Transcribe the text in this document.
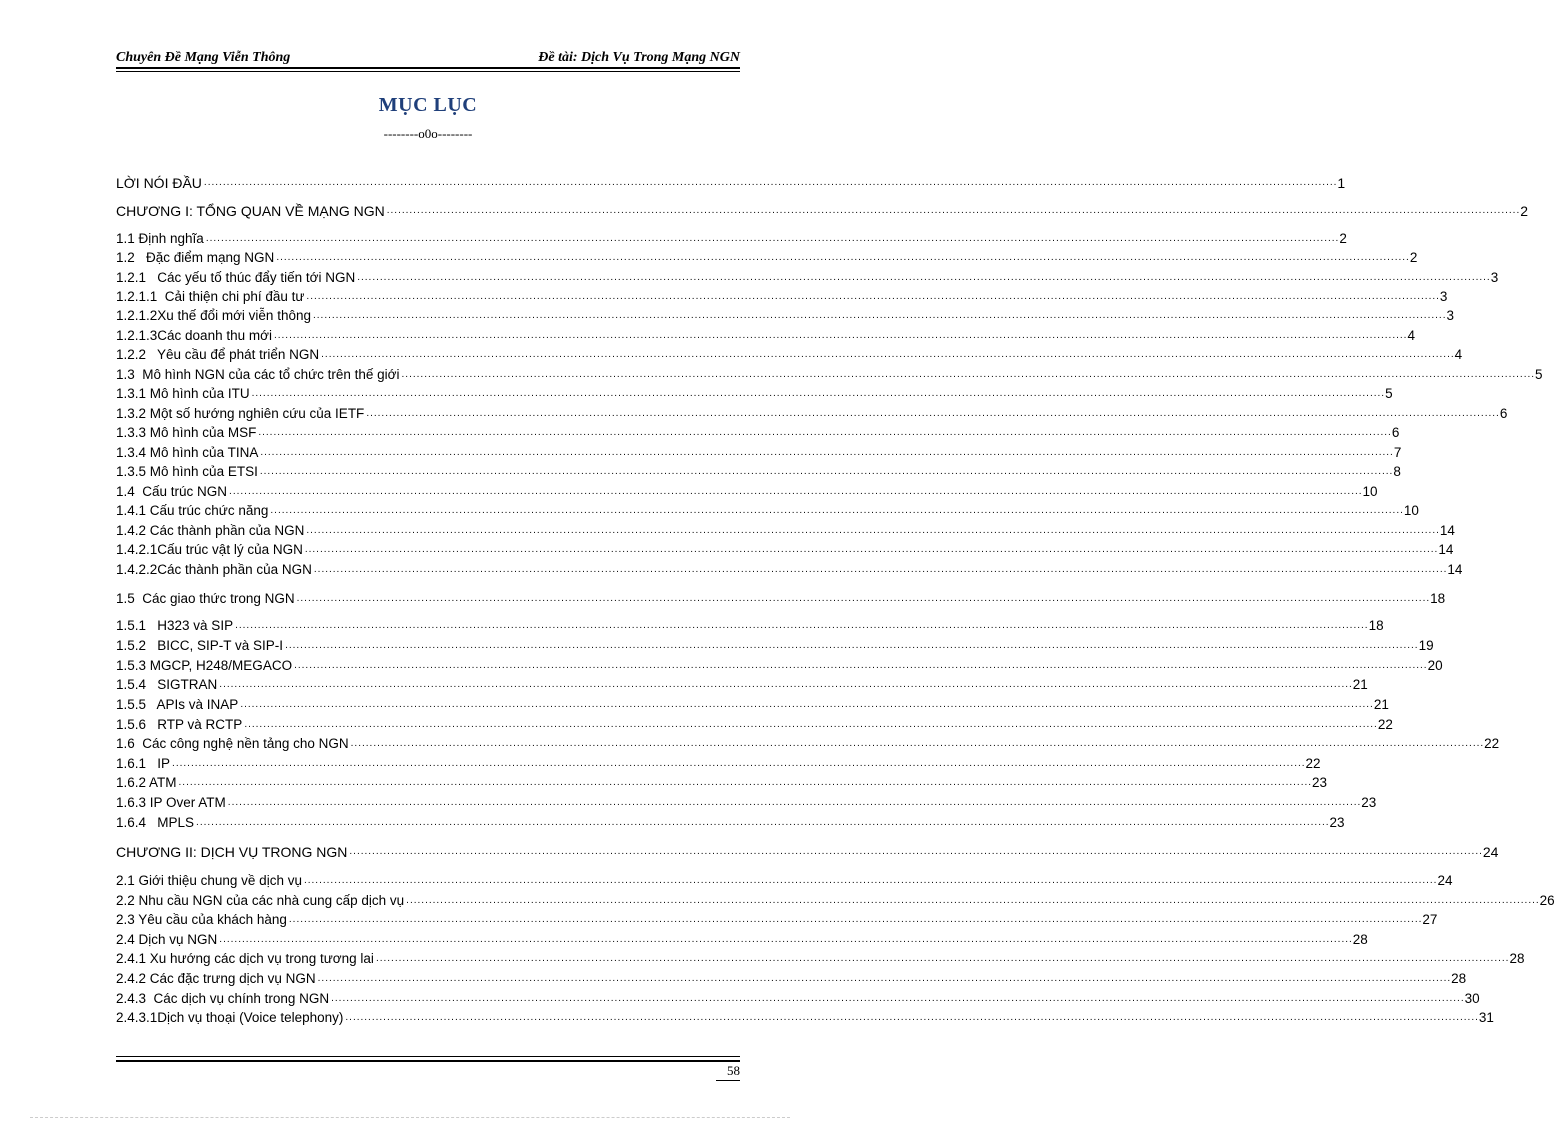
Chuyên Đề Mạng Viễn Thông	Đề tài: Dịch Vụ Trong Mạng NGN
MỤC LỤC
--------o0o--------
LỜI NÓI ĐẦU ............................................................................................................................................................................................................................................................................................................ 1
CHƯƠNG I: TỔNG QUAN VỀ MẠNG NGN ............................................................................................................................................................................................................................................................................................................ 2
1.1 Định nghĩa ............................................................................................................................................................................................................................................................................................................ 2
1.2   Đặc điểm mạng NGN ............................................................................................................................................................................................................................................................................................................ 2
1.2.1   Các yếu tố thúc đẩy tiến tới NGN ............................................................................................................................................................................................................................................................................................................ 3
1.2.1.1  Cải thiện chi phí đầu tư ............................................................................................................................................................................................................................................................................................................ 3
1.2.1.2Xu thế đổi mới viễn thông ............................................................................................................................................................................................................................................................................................................ 3
1.2.1.3Các doanh thu mới ............................................................................................................................................................................................................................................................................................................ 4
1.2.2   Yêu cầu để phát triển NGN ............................................................................................................................................................................................................................................................................................................ 4
1.3  Mô hình NGN của các tổ chức trên thế giới ............................................................................................................................................................................................................................................................................................................ 5
1.3.1 Mô hình của ITU ............................................................................................................................................................................................................................................................................................................ 5
1.3.2 Một số hướng nghiên cứu của IETF ............................................................................................................................................................................................................................................................................................................ 6
1.3.3 Mô hình của MSF ............................................................................................................................................................................................................................................................................................................ 6
1.3.4 Mô hình của TINA ............................................................................................................................................................................................................................................................................................................ 7
1.3.5 Mô hình của ETSI ............................................................................................................................................................................................................................................................................................................ 8
1.4  Cấu trúc NGN ............................................................................................................................................................................................................................................................................................................ 10
1.4.1 Cấu trúc chức năng ............................................................................................................................................................................................................................................................................................................ 10
1.4.2 Các thành phần của NGN ............................................................................................................................................................................................................................................................................................................ 14
1.4.2.1Cấu trúc vật lý của NGN ............................................................................................................................................................................................................................................................................................................ 14
1.4.2.2Các thành phần của NGN ............................................................................................................................................................................................................................................................................................................ 14
1.5  Các giao thức trong NGN ............................................................................................................................................................................................................................................................................................................ 18
1.5.1   H323 và SIP ............................................................................................................................................................................................................................................................................................................ 18
1.5.2   BICC, SIP-T và SIP-I ............................................................................................................................................................................................................................................................................................................ 19
1.5.3 MGCP, H248/MEGACO ............................................................................................................................................................................................................................................................................................................ 20
1.5.4   SIGTRAN ............................................................................................................................................................................................................................................................................................................ 21
1.5.5   APIs và INAP ............................................................................................................................................................................................................................................................................................................ 21
1.5.6   RTP và RCTP ............................................................................................................................................................................................................................................................................................................ 22
1.6  Các công nghệ nền tảng cho NGN ............................................................................................................................................................................................................................................................................................................ 22
1.6.1   IP ............................................................................................................................................................................................................................................................................................................ 22
1.6.2 ATM ............................................................................................................................................................................................................................................................................................................ 23
1.6.3 IP Over ATM ............................................................................................................................................................................................................................................................................................................ 23
1.6.4   MPLS ............................................................................................................................................................................................................................................................................................................ 23
CHƯƠNG II: DỊCH VỤ TRONG NGN ............................................................................................................................................................................................................................................................................................................ 24
2.1 Giới thiệu chung về dịch vụ ............................................................................................................................................................................................................................................................................................................ 24
2.2 Nhu cầu NGN của các nhà cung cấp dịch vụ ............................................................................................................................................................................................................................................................................................................ 26
2.3 Yêu cầu của khách hàng ............................................................................................................................................................................................................................................................................................................ 27
2.4 Dịch vụ NGN ............................................................................................................................................................................................................................................................................................................ 28
2.4.1 Xu hướng các dịch vụ trong tương lai ............................................................................................................................................................................................................................................................................................................ 28
2.4.2 Các đặc trưng dịch vụ NGN ............................................................................................................................................................................................................................................................................................................ 28
2.4.3  Các dịch vụ chính trong NGN ............................................................................................................................................................................................................................................................................................................ 30
2.4.3.1Dịch vụ thoại (Voice telephony) ............................................................................................................................................................................................................................................................................................................ 31
58
